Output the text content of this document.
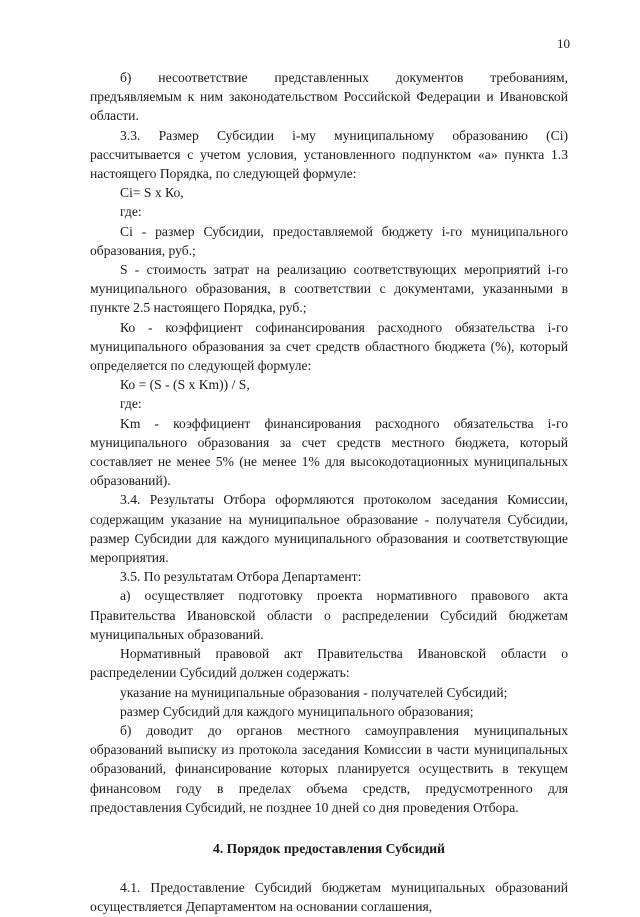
10

б) несоответствие представленных документов требованиям, предъявляемым к ним законодательством Российской Федерации и Ивановской области.

3.3. Размер Субсидии i-му муниципальному образованию (Ci) рассчитывается с учетом условия, установленного подпунктом «а» пункта 1.3 настоящего Порядка, по следующей формуле:

Ci= S x Ко,

где:

Ci - размер Субсидии, предоставляемой бюджету i-го муниципального образования, руб.;

S - стоимость затрат на реализацию соответствующих мероприятий i-го муниципального образования, в соответствии с документами, указанными в пункте 2.5 настоящего Порядка, руб.;

Ко - коэффициент софинансирования расходного обязательства i-го муниципального образования за счет средств областного бюджета (%), который определяется по следующей формуле:

Ко = (S - (S x Km)) / S,

где:

Km - коэффициент финансирования расходного обязательства i-го муниципального образования за счет средств местного бюджета, который составляет не менее 5% (не менее 1% для высокодотационных муниципальных образований).

3.4. Результаты Отбора оформляются протоколом заседания Комиссии, содержащим указание на муниципальное образование - получателя Субсидии, размер Субсидии для каждого муниципального образования и соответствующие мероприятия.

3.5. По результатам Отбора Департамент:

а) осуществляет подготовку проекта нормативного правового акта Правительства Ивановской области о распределении Субсидий бюджетам муниципальных образований.

Нормативный правовой акт Правительства Ивановской области о распределении Субсидий должен содержать:

указание на муниципальные образования - получателей Субсидий;

размер Субсидий для каждого муниципального образования;

б) доводит до органов местного самоуправления муниципальных образований выписку из протокола заседания Комиссии в части муниципальных образований, финансирование которых планируется осуществить в текущем финансовом году в пределах объема средств, предусмотренного для предоставления Субсидий, не позднее 10 дней со дня проведения Отбора.

4. Порядок предоставления Субсидий

4.1. Предоставление Субсидий бюджетам муниципальных образований осуществляется Департаментом на основании соглашения,
